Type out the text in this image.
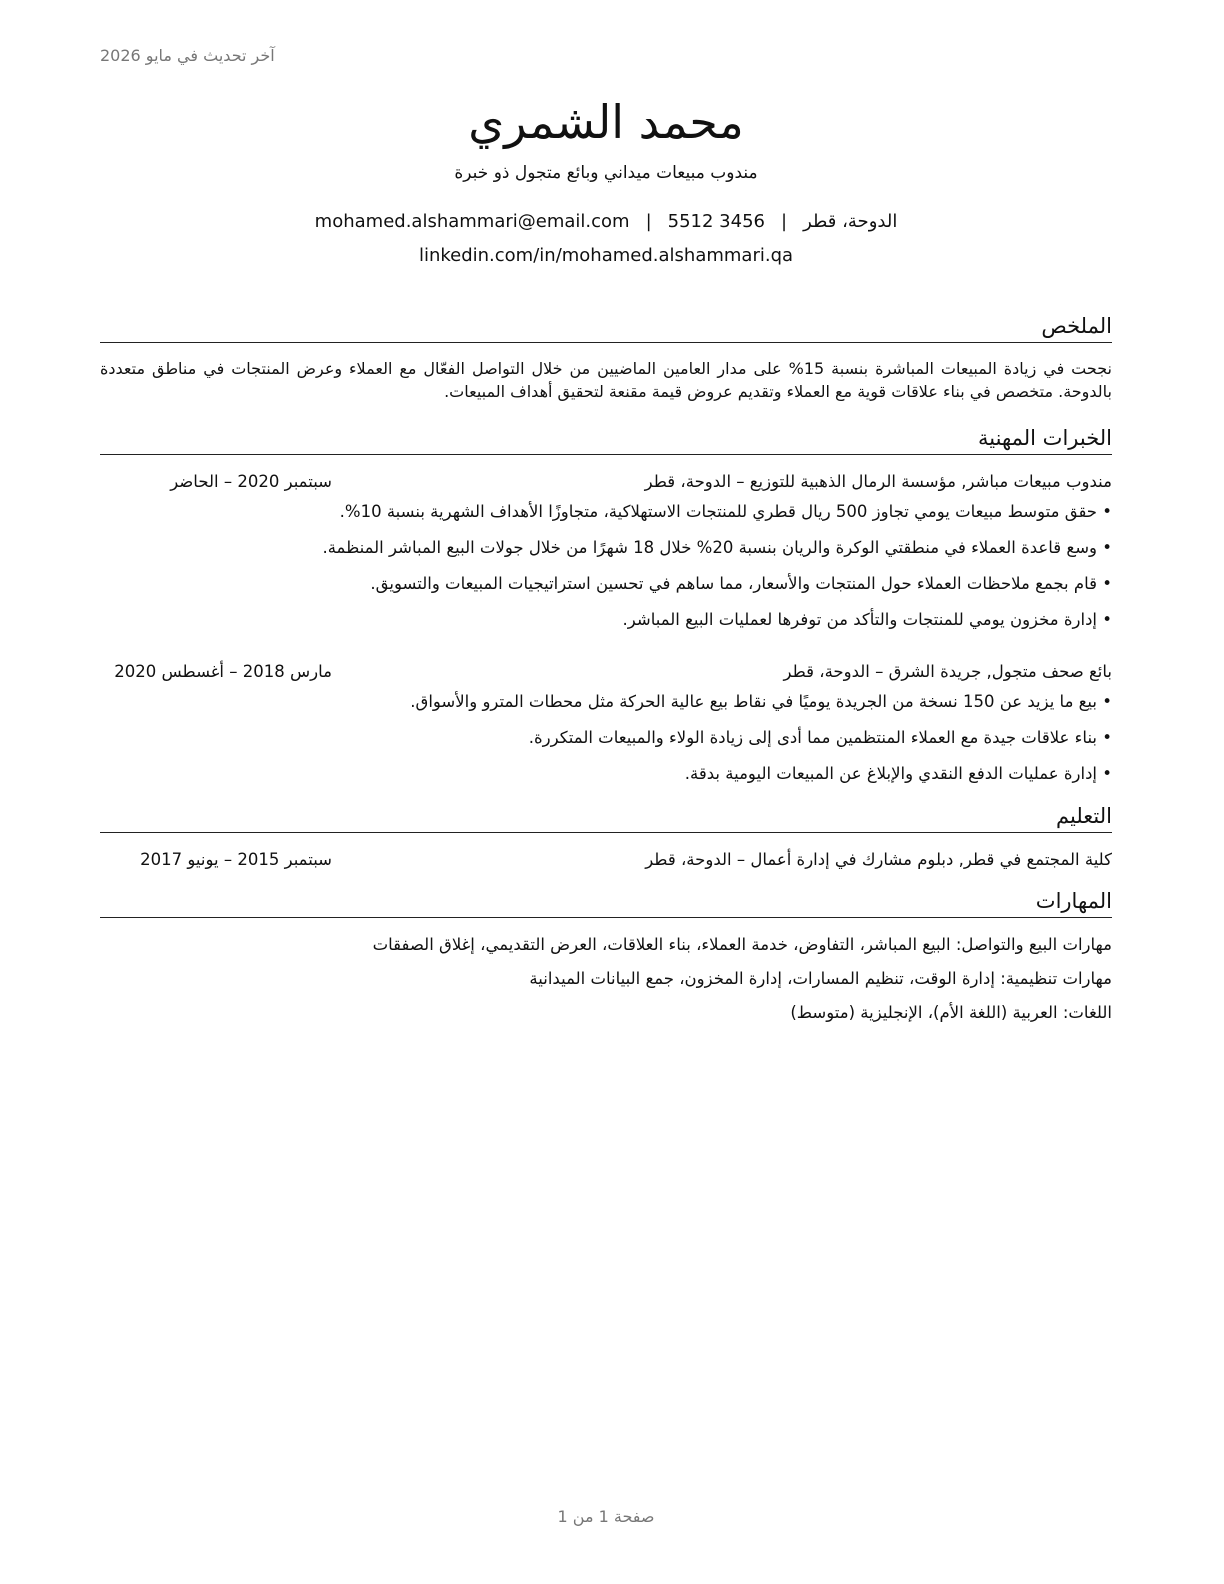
آخر تحديث في مايو 2026
محمد الشمري
مندوب مبيعات ميداني وبائع متجول ذو خبرة
الدوحة، قطر|mohamed.alshammari@email.com | 5512 3456
linkedin.com/in/mohamed.alshammari.qa
الملخص
نجحت في زيادة المبيعات المباشرة بنسبة 15% على مدار العامين الماضيين من خلال التواصل الفعّال مع العملاء وعرض المنتجات في مناطق متعددة بالدوحة. متخصص في بناء علاقات قوية مع العملاء وتقديم عروض قيمة مقنعة لتحقيق أهداف المبيعات.
الخبرات المهنية
مندوب مبيعات مباشر, مؤسسة الرمال الذهبية للتوزيع – الدوحة، قطر
سبتمبر 2020 – الحاضر
• حقق متوسط مبيعات يومي تجاوز 500 ريال قطري للمنتجات الاستهلاكية، متجاوزًا الأهداف الشهرية بنسبة 10%.
• وسع قاعدة العملاء في منطقتي الوكرة والريان بنسبة 20% خلال 18 شهرًا من خلال جولات البيع المباشر المنظمة.
• قام بجمع ملاحظات العملاء حول المنتجات والأسعار، مما ساهم في تحسين استراتيجيات المبيعات والتسويق.
• إدارة مخزون يومي للمنتجات والتأكد من توفرها لعمليات البيع المباشر.
بائع صحف متجول, جريدة الشرق – الدوحة، قطر
مارس 2018 – أغسطس 2020
• بيع ما يزيد عن 150 نسخة من الجريدة يوميًا في نقاط بيع عالية الحركة مثل محطات المترو والأسواق.
• بناء علاقات جيدة مع العملاء المنتظمين مما أدى إلى زيادة الولاء والمبيعات المتكررة.
• إدارة عمليات الدفع النقدي والإبلاغ عن المبيعات اليومية بدقة.
التعليم
كلية المجتمع في قطر, دبلوم مشارك في إدارة أعمال – الدوحة، قطر
سبتمبر 2015 – يونيو 2017
المهارات
مهارات البيع والتواصل: البيع المباشر، التفاوض، خدمة العملاء، بناء العلاقات، العرض التقديمي، إغلاق الصفقات
مهارات تنظيمية: إدارة الوقت، تنظيم المسارات، إدارة المخزون، جمع البيانات الميدانية
اللغات: العربية (اللغة الأم)، الإنجليزية (متوسط)
صفحة 1 من 1
